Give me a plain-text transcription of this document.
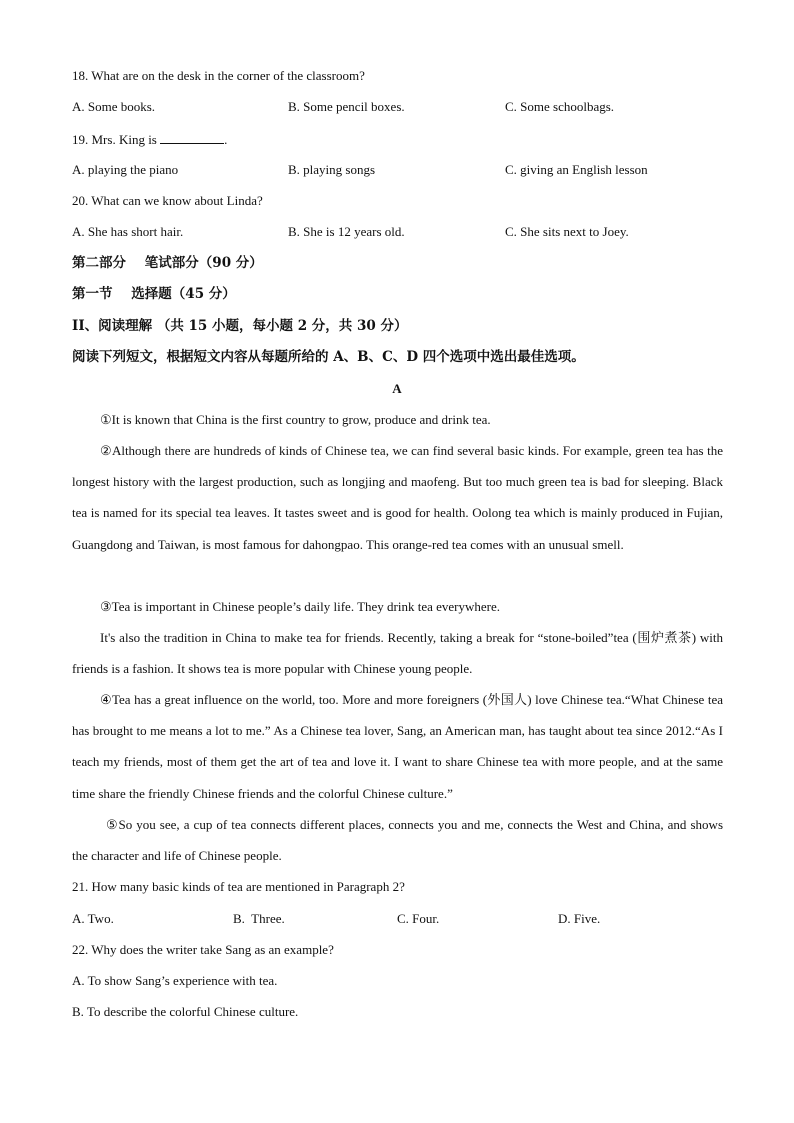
18. What are on the desk in the corner of the classroom?
A. Some books.	B. Some pencil boxes.	C. Some schoolbags.
19. Mrs. King is	.
A. playing the piano	B. playing songs	C. giving an English lesson
20. What can we know about Linda?
A. She has short hair.	B. She is 12 years old.	C. She sits next to Joey.
第二部分    笔试部分（90 分）
第一节    选择题（45 分）
II、阅读理解 （共 15 小题，每小题 2 分，共 30 分）
阅读下列短文，根据短文内容从每题所给的 A、B、C、D 四个选项中选出最佳选项。
A
①It is known that China is the first country to grow, produce and drink tea.
②Although there are hundreds of kinds of Chinese tea, we can find several basic kinds. For example, green tea has the longest history with the largest production, such as longjing and maofeng. But too much green tea is bad for sleeping. Black tea is named for its special tea leaves. It tastes sweet and is good for health. Oolong tea which is mainly produced in Fujian, Guangdong and Taiwan, is most famous for dahongpao. This orange-red tea comes with an unusual smell.
③Tea is important in Chinese people’s daily life. They drink tea everywhere.
It's also the tradition in China to make tea for friends. Recently, taking a break for “stone-boiled”tea (围炉煮茶) with friends is a fashion. It shows tea is more popular with Chinese young people.
④Tea has a great influence on the world, too. More and more foreigners (外国人) love Chinese tea.“What Chinese tea has brought to me means a lot to me.” As a Chinese tea lover, Sang, an American man, has taught about tea since 2012.“As I teach my friends, most of them get the art of tea and love it. I want to share Chinese tea with more people, and at the same time share the friendly Chinese friends and the colorful Chinese culture.”
⑤So you see, a cup of tea connects different places, connects you and me, connects the West and China, and shows the character and life of Chinese people.
21. How many basic kinds of tea are mentioned in Paragraph 2?
A. Two.	B.  Three.	C. Four.	D. Five.
22. Why does the writer take Sang as an example?
A. To show Sang’s experience with tea.
B. To describe the colorful Chinese culture.
